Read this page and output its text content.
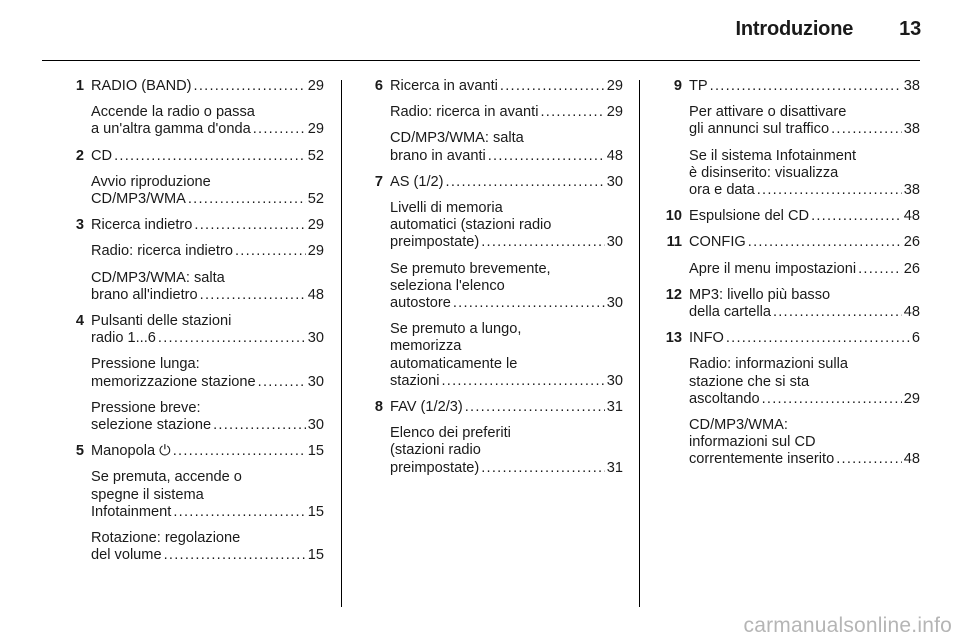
Introduzione 13
1 RADIO (BAND) . . .	29
Accende la radio o passa
a un'altra gamma d'onda . . .	29
2 CD . . .	52
Avvio riproduzione
CD/MP3/WMA . . .	52
3 Ricerca indietro . . .	29
Radio: ricerca indietro . . .	29
CD/MP3/WMA: salta
brano all'indietro . . .	48
4 Pulsanti delle stazioni
radio 1...6 . . .	30
Pressione lunga:
memorizzazione stazione . . .	30
Pressione breve:
selezione stazione . . .	30
5 Manopola ⏻ . . .	15
Se premuta, accende o
spegne il sistema
Infotainment . . .	15
Rotazione: regolazione
del volume . . .	15
6 Ricerca in avanti . . .	29
Radio: ricerca in avanti . . .	29
CD/MP3/WMA: salta
brano in avanti . . .	48
7 AS (1/2) . . .	30
Livelli di memoria
automatici (stazioni radio
preimpostate) . . .	30
Se premuto brevemente,
seleziona l'elenco
autostore . . .	30
Se premuto a lungo,
memorizza
automaticamente le
stazioni . . .	30
8 FAV (1/2/3) . . .	31
Elenco dei preferiti
(stazioni radio
preimpostate) . . .	31
9 TP . . .	38
Per attivare o disattivare
gli annunci sul traffico . . .	38
Se il sistema Infotainment
è disinserito: visualizza
ora e data . . .	38
10 Espulsione del CD . . .	48
11 CONFIG . . .	26
Apre il menu impostazioni . . .	26
12 MP3: livello più basso
della cartella . . .	48
13 INFO . . .	6
Radio: informazioni sulla
stazione che si sta
ascoltando . . .	29
CD/MP3/WMA:
informazioni sul CD
correntemente inserito . . .	48
carmanualsonline.info
